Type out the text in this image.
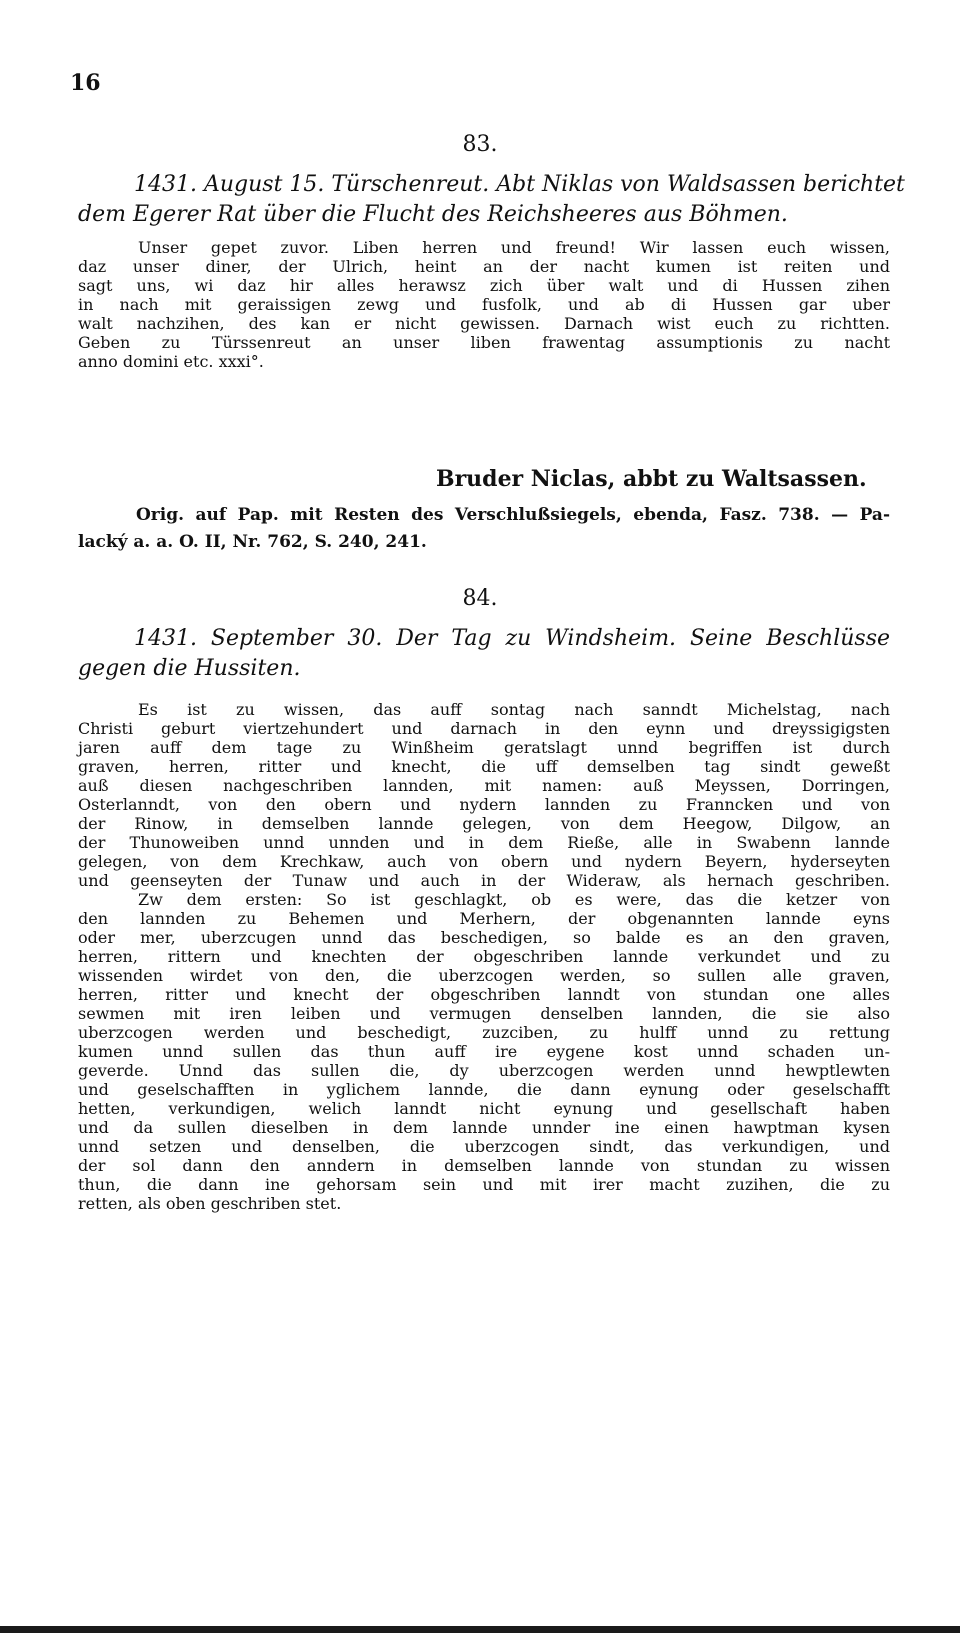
16
83.

1431. August 15. Türschenreut. Abt Niklas von Waldsassen berichtet
dem Egerer Rat über die Flucht des Reichsheeres aus Böhmen.

Unser gepet zuvor. Liben herren und freund! Wir lassen euch wissen,
daz unser diner, der Ulrich, heint an der nacht kumen ist reiten und
sagt uns, wi daz hir alles herawsz zich über walt und di Hussen zihen
in nach mit geraissigen zewg und fusfolk, und ab di Hussen gar uber
walt nachzihen, des kan er nicht gewissen. Darnach wist euch zu richtten.
Geben zu Türssenreut an unser liben frawentag assumptionis zu nacht
anno domini etc. xxxi°.
Bruder Niclas, abbt zu Waltsassen.
Orig. auf Pap. mit Resten des Verschlußsiegels, ebenda, Fasz. 738. — Pa-
lacký a. a. O. II, Nr. 762, S. 240, 241.
84.

1431. September 30. Der Tag zu Windsheim. Seine Beschlüsse
gegen die Hussiten.

Es ist zu wissen, das auff sontag nach sanndt Michelstag, nach
Christi geburt viertzehundert und darnach in den eynn und dreyssigigsten
jaren auff dem tage zu Winßheim geratslagt unnd begriffen ist durch
graven, herren, ritter und knecht, die uff demselben tag sindt geweßt
auß diesen nachgeschriben lannden, mit namen: auß Meyssen, Dorringen,
Osterlanndt, von den obern und nydern lannden zu Franncken und von
der Rinow, in demselben lannde gelegen, von dem Heegow, Dilgow, an
der Thunoweiben unnd unnden und in dem Rieße, alle in Swabenn lannde
gelegen, von dem Krechkaw, auch von obern und nydern Beyern, hyderseyten
und geenseyten der Tunaw und auch in der Wideraw, als hernach geschriben.
Zw dem ersten: So ist geschlagkt, ob es were, das die ketzer von
den lannden zu Behemen und Merhern, der obgenannten lannde eyns
oder mer, uberzcugen unnd das beschedigen, so balde es an den graven,
herren, rittern und knechten der obgeschriben lannde verkundet und zu
wissenden wirdet von den, die uberzcogen werden, so sullen alle graven,
herren, ritter und knecht der obgeschriben lanndt von stundan one alles
sewmen mit iren leiben und vermugen denselben lannden, die sie also
uberzcogen werden und beschedigt, zuzciben, zu hulff unnd zu rettung
kumen unnd sullen das thun auff ire eygene kost unnd schaden un-
geverde. Unnd das sullen die, dy uberzcogen werden unnd hewptlewten
und geselschafften in yglichem lannde, die dann eynung oder geselschafft
hetten, verkundigen, welich lanndt nicht eynung und gesellschaft haben
und da sullen dieselben in dem lannde unnder ine einen hawptman kysen
unnd setzen und denselben, die uberzcogen sindt, das verkundigen, und
der sol dann den anndern in demselben lannde von stundan zu wissen
thun, die dann ine gehorsam sein und mit irer macht zuzihen, die zu
retten, als oben geschriben stet.
